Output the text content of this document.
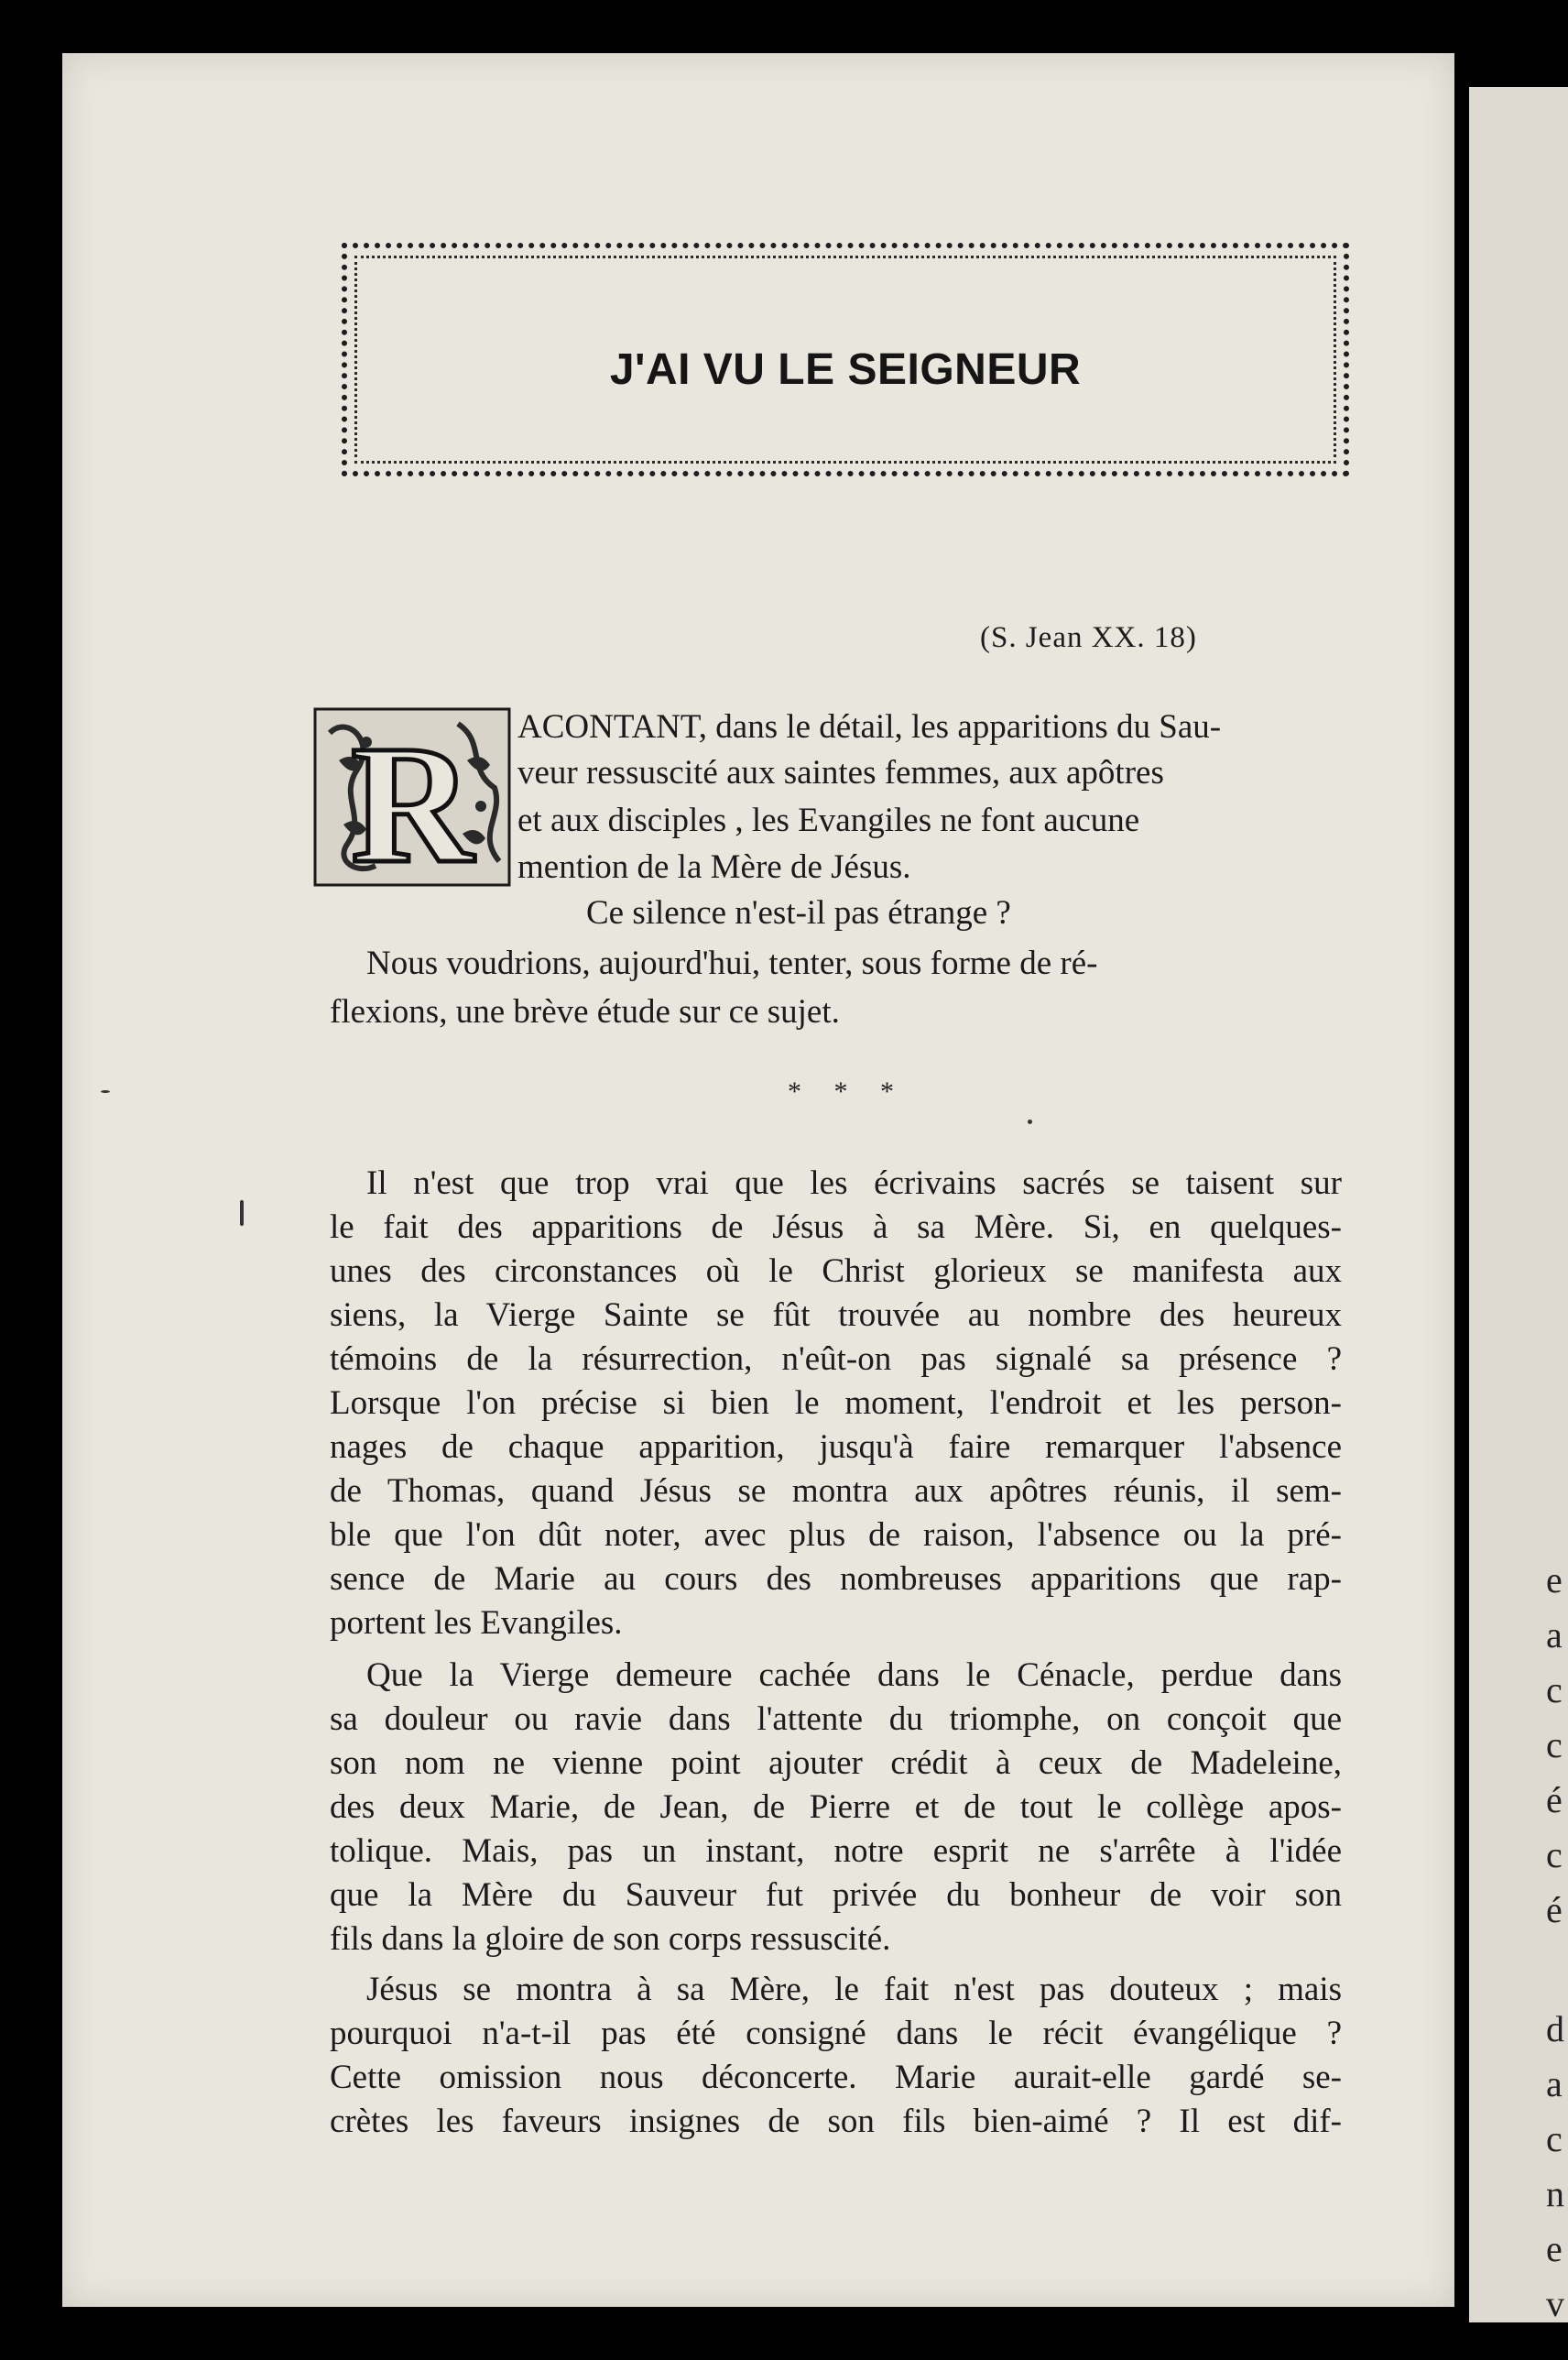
e
a
c
c
é
c
é
d
a
c
n
e
v
J'AI VU LE SEIGNEUR
(S. Jean XX. 18)
R ACONTANT, dans le détail, les apparitions du Sau-
veur ressuscité aux saintes femmes, aux apôtres
et aux disciples , les Evangiles ne font aucune
mention de la Mère de Jésus.
Ce silence n'est-il pas étrange ?
Nous voudrions, aujourd'hui, tenter, sous forme de ré-
flexions, une brève étude sur ce sujet.
* * *
Il n'est que trop vrai que les écrivains sacrés se taisent sur
le fait des apparitions de Jésus à sa Mère. Si, en quelques-
unes des circonstances où le Christ glorieux se manifesta aux
siens, la Vierge Sainte se fût trouvée au nombre des heureux
témoins de la résurrection, n'eût-on pas signalé sa présence ?
Lorsque l'on précise si bien le moment, l'endroit et les person-
nages de chaque apparition, jusqu'à faire remarquer l'absence
de Thomas, quand Jésus se montra aux apôtres réunis, il sem-
ble que l'on dût noter, avec plus de raison, l'absence ou la pré-
sence de Marie au cours des nombreuses apparitions que rap-
portent les Evangiles.
Que la Vierge demeure cachée dans le Cénacle, perdue dans
sa douleur ou ravie dans l'attente du triomphe, on conçoit que
son nom ne vienne point ajouter crédit à ceux de Madeleine,
des deux Marie, de Jean, de Pierre et de tout le collège apos-
tolique. Mais, pas un instant, notre esprit ne s'arrête à l'idée
que la Mère du Sauveur fut privée du bonheur de voir son
fils dans la gloire de son corps ressuscité.
Jésus se montra à sa Mère, le fait n'est pas douteux ; mais
pourquoi n'a-t-il pas été consigné dans le récit évangélique ?
Cette omission nous déconcerte. Marie aurait-elle gardé se-
crètes les faveurs insignes de son fils bien-aimé ? Il est dif-
